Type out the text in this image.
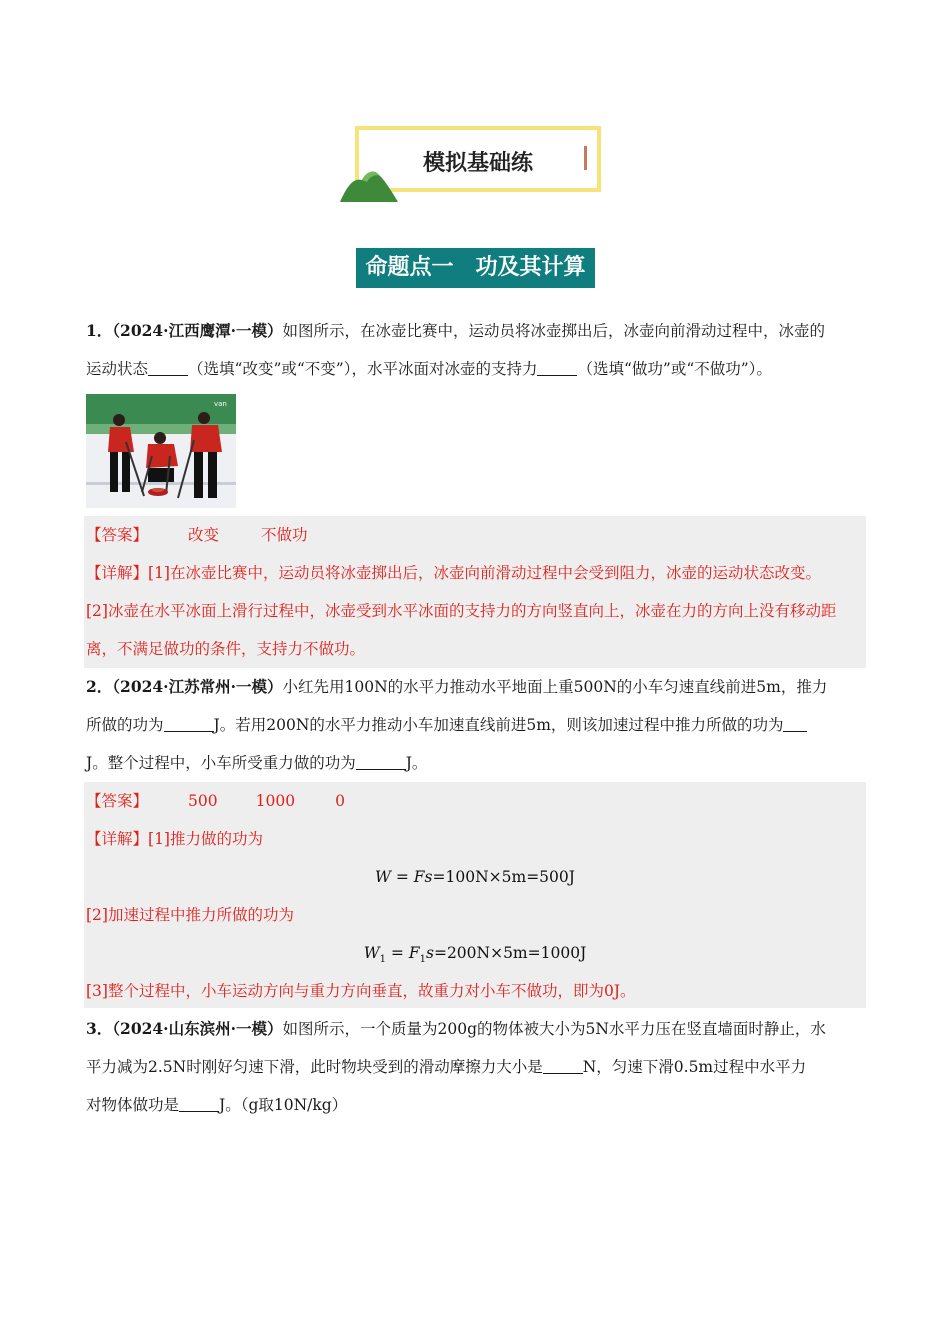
模拟基础练
命题点一　功及其计算
1．（2024·江西鹰潭·一模）如图所示，在冰壶比赛中，运动员将冰壶掷出后，冰壶向前滑动过程中，冰壶的
运动状态	（选填“改变”或“不变”），水平冰面对冰壶的支持力	（选填“做功”或“不做功”）。
van
【答案】	改变	不做功
【详解】[1]在冰壶比赛中，运动员将冰壶掷出后，冰壶向前滑动过程中会受到阻力，冰壶的运动状态改变。
[2]冰壶在水平冰面上滑行过程中，冰壶受到水平冰面的支持力的方向竖直向上，冰壶在力的方向上没有移动距离，不满足做功的条件，支持力不做功。
2．（2024·江苏常州·一模）小红先用100N的水平力推动水平地面上重500N的小车匀速直线前进5m，推力
所做的功为	J。若用200N的水平力推动小车加速直线前进5m，则该加速过程中推力所做的功为
J。整个过程中，小车所受重力做的功为	J。
【答案】	500 1000	0
【详解】[1]推力做的功为
W = Fs=100N×5m=500J
[2]加速过程中推力所做的功为
$W_1 = F_1s=200N\times 5m=1000J$
[3]整个过程中，小车运动方向与重力方向垂直，故重力对小车不做功，即为0J。
3．（2024·山东滨州·一模）如图所示，一个质量为200g的物体被大小为5N水平力压在竖直墙面时静止，水
平力减为2.5N时刚好匀速下滑，此时物块受到的滑动摩擦力大小是	N，匀速下滑0.5m过程中水平力
对物体做功是	J。（g取10N/kg）
